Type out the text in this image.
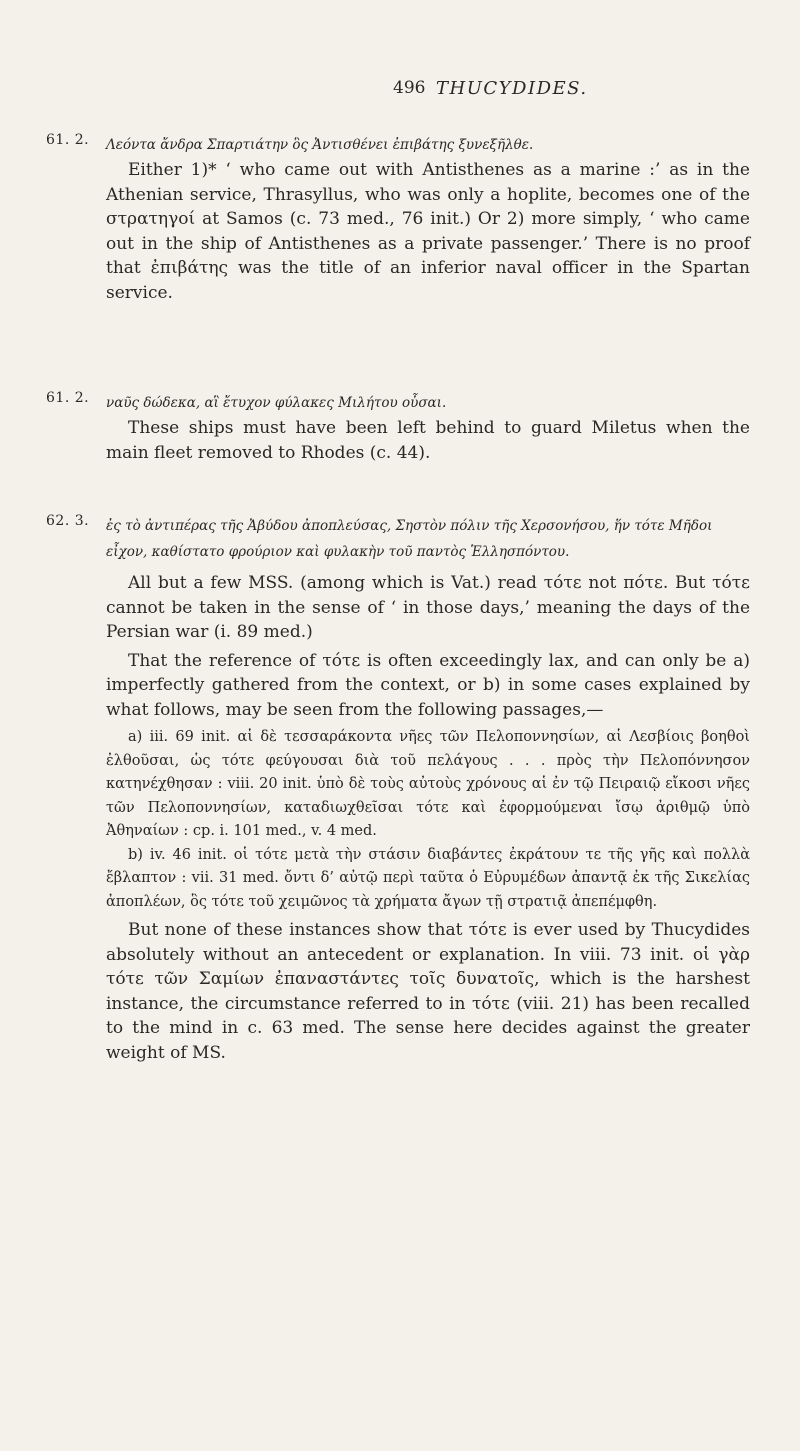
496 THUCYDIDES.
61. 2. Λεόντα ἄνδρα Σπαρτιάτην ὃς Ἀντισθένει ἐπιβάτης ξυνεξῆλθε.

Either 1)* ‘ who came out with Antisthenes as a marine :’ as in the Athenian service, Thrasyllus, who was only a hoplite, becomes one of the στρατηγοί at Samos (c. 73 med., 76 init.) Or 2) more simply, ‘ who came out in the ship of Antisthenes as a private passenger.’ There is no proof that ἐπιβάτης was the title of an inferior naval officer in the Spartan service.

61. 2. ναῦς δώδεκα, αἳ ἔτυχον φύλακες Μιλήτου οὖσαι.

These ships must have been left behind to guard Miletus when the main fleet removed to Rhodes (c. 44).

62. 3. ἐς τὸ ἀντιπέρας τῆς Ἀβύδου ἀποπλεύσας, Σηστὸν πόλιν τῆς Χερσονήσου, ἥν τότε Μῆδοι εἶχον, καθίστατο φρούριον καὶ φυλακὴν τοῦ παντὸς Ἑλλησπόντου.

All but a few MSS. (among which is Vat.) read τότε not πότε. But τότε cannot be taken in the sense of ‘ in those days,’ meaning the days of the Persian war (i. 89 med.)

That the reference of τότε is often exceedingly lax, and can only be a) imperfectly gathered from the context, or b) in some cases explained by what follows, may be seen from the following passages,—

a) iii. 69 init. αἱ δὲ τεσσαράκοντα νῆες τῶν Πελοποννησίων, αἱ Λεσβίοις βοηθοὶ ἐλθοῦσαι, ὡς τότε φεύγουσαι διὰ τοῦ πελάγους . . . πρὸς τὴν Πελοπόννησον κατηνέχθησαν : viii. 20 init. ὑπὸ δὲ τοὺς αὐτοὺς χρόνους αἱ ἐν τῷ Πειραιῷ εἴκοσι νῆες τῶν Πελοποννησίων, καταδιωχθεῖσαι τότε καὶ ἐφορμούμεναι ἴσῳ ἀριθμῷ ὑπὸ Ἀθηναίων : cp. i. 101 med., v. 4 med.

b) iv. 46 init. οἱ τότε μετὰ τὴν στάσιν διαβάντες ἐκράτουν τε τῆς γῆς καὶ πολλὰ ἔβλαπτον : vii. 31 med. ὄντι δ’ αὐτῷ περὶ ταῦτα ὁ Εὐρυμέδων ἀπαντᾷ ἐκ τῆς Σικελίας ἀποπλέων, ὃς τότε τοῦ χειμῶνος τὰ χρήματα ἄγων τῇ στρατιᾷ ἀπεπέμφθη.

But none of these instances show that τότε is ever used by Thucydides absolutely without an antecedent or explanation. In viii. 73 init. οἱ γὰρ τότε τῶν Σαμίων ἐπαναστάντες τοῖς δυνατοῖς, which is the harshest instance, the circumstance referred to in τότε (viii. 21) has been recalled to the mind in c. 63 med. The sense here decides against the greater weight of MS.
